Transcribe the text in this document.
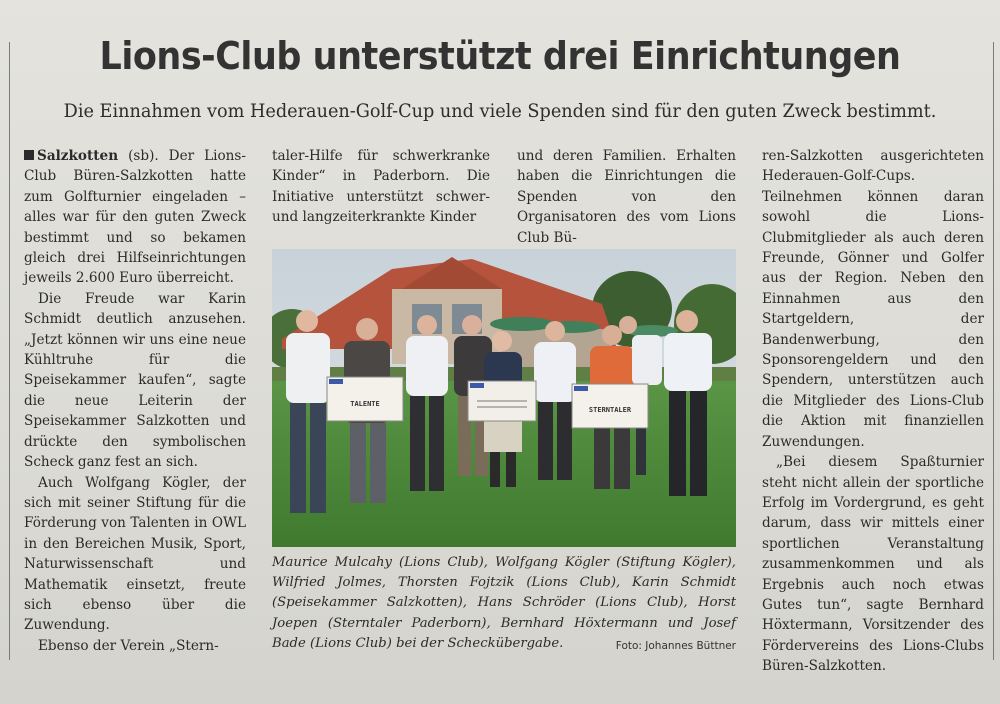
Lions-Club unterstützt drei Einrichtungen
Die Einnahmen vom Hederauen-Golf-Cup und viele Spenden sind für den guten Zweck bestimmt.

Salzkotten (sb). Der Lions-Club Büren-Salzkotten hatte zum Golfturnier eingeladen – alles war für den guten Zweck bestimmt und so bekamen gleich drei Hilfseinrichtungen jeweils 2.600 Euro überreicht.

Die Freude war Karin Schmidt deutlich anzusehen. „Jetzt können wir uns eine neue Kühltruhe für die Speisekammer kaufen“, sagte die neue Leiterin der Speisekammer Salzkotten und drückte den symbolischen Scheck ganz fest an sich.

Auch Wolfgang Kögler, der sich mit seiner Stiftung für die Förderung von Talenten in OWL in den Bereichen Musik, Sport, Naturwissenschaft und Mathematik einsetzt, freute sich ebenso über die Zuwendung.

Ebenso der Verein „Stern-

taler-Hilfe für schwerkranke Kinder“ in Paderborn. Die Initiative unterstützt schwer- und langzeiterkrankte Kinder

und deren Familien. Erhalten haben die Einrichtungen die Spenden von den Organisatoren des vom Lions Club Bü-

ren-Salzkotten ausgerichteten Hederauen-Golf-Cups. Teilnehmen können daran sowohl die Lions-Clubmitglieder als auch deren Freunde, Gönner und Golfer aus der Region. Neben den Einnahmen aus den Startgeldern, der Bandenwerbung, den Sponsorengeldern und den Spendern, unterstützen auch die Mitglieder des Lions-Club die Aktion mit finanziellen Zuwendungen.

„Bei diesem Spaßturnier steht nicht allein der sportliche Erfolg im Vordergrund, es geht darum, dass wir mittels einer sportlichen Veranstaltung zusammenkommen und als Ergebnis auch noch etwas Gutes tun“, sagte Bernhard Höxtermann, Vorsitzender des Fördervereins des Lions-Clubs Büren-Salzkotten.

TALENTE
STERNTALER
Maurice Mulcahy (Lions Club), Wolfgang Kögler (Stiftung Kögler), Wilfried Jolmes, Thorsten Fojtzik (Lions Club), Karin Schmidt (Speisekammer Salzkotten), Hans Schröder (Lions Club), Horst Joepen (Sterntaler Paderborn), Bernhard Höxtermann und Josef Bade (Lions Club) bei der Scheckübergabe.	Foto: Johannes Büttner
